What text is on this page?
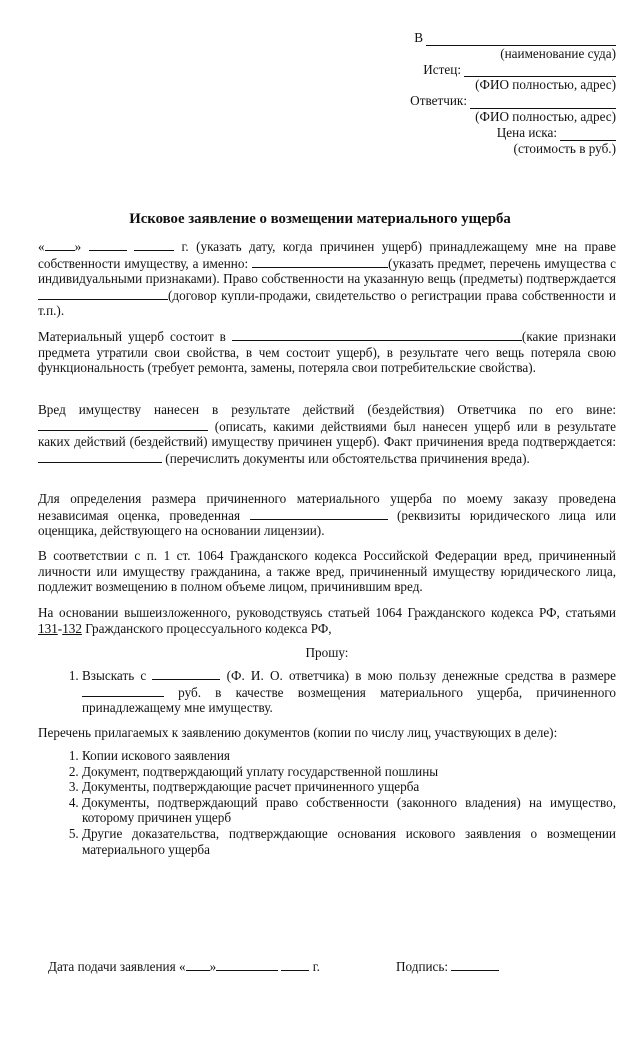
В
(наименование суда)
Истец:
(ФИО полностью, адрес)
Ответчик:
(ФИО полностью, адрес)
Цена иска:
(стоимость в руб.)
Исковое заявление о возмещении материального ущерба
« »	г. (указать дату, когда причинен ущерб) принадлежащему мне на праве собственности имуществу, а именно:	(указать предмет, перечень имущества с индивидуальными признаками). Право собственности на указанную вещь (предметы) подтверждается (договор купли-продажи, свидетельство о регистрации права собственности и т.п.).
Материальный ущерб состоит в	(какие признаки предмета утратили свои свойства, в чем состоит ущерб), в результате чего вещь потеряла свою функциональность (требует ремонта, замены, потеряла свои потребительские свойства).
Вред имуществу нанесен в результате действий (бездействия) Ответчика по его вине:  (описать, какими действиями был нанесен ущерб или в результате каких действий (бездействий) имуществу причинен ущерб). Факт причинения вреда подтверждается:  (перечислить документы или обстоятельства причинения вреда).
Для определения размера причиненного материального ущерба по моему заказу проведена независимая оценка, проведенная	(реквизиты юридического лица или оценщика, действующего на основании лицензии).
В соответствии с п. 1 ст. 1064 Гражданского кодекса Российской Федерации вред, причиненный личности или имуществу гражданина, а также вред, причиненный имуществу юридического лица, подлежит возмещению в полном объеме лицом, причинившим вред.
На основании вышеизложенного, руководствуясь статьей 1064 Гражданского кодекса РФ, статьями 131-132 Гражданского процессуального кодекса РФ,
Прошу:
1. Взыскать с	(Ф. И. О. ответчика) в мою пользу денежные средства в размере  руб. в качестве возмещения материального ущерба, причиненного принадлежащему мне имуществу.
Перечень прилагаемых к заявлению документов (копии по числу лиц, участвующих в деле):
1. Копии искового заявления
2. Документ, подтверждающий уплату государственной пошлины
3. Документы, подтверждающие расчет причиненного ущерба
4. Документы, подтверждающий право собственности (законного владения) на имущество, которому причинен ущерб
5. Другие доказательства, подтверждающие основания искового заявления о возмещении материального ущерба
Дата подачи заявления « »	г.	Подпись:
